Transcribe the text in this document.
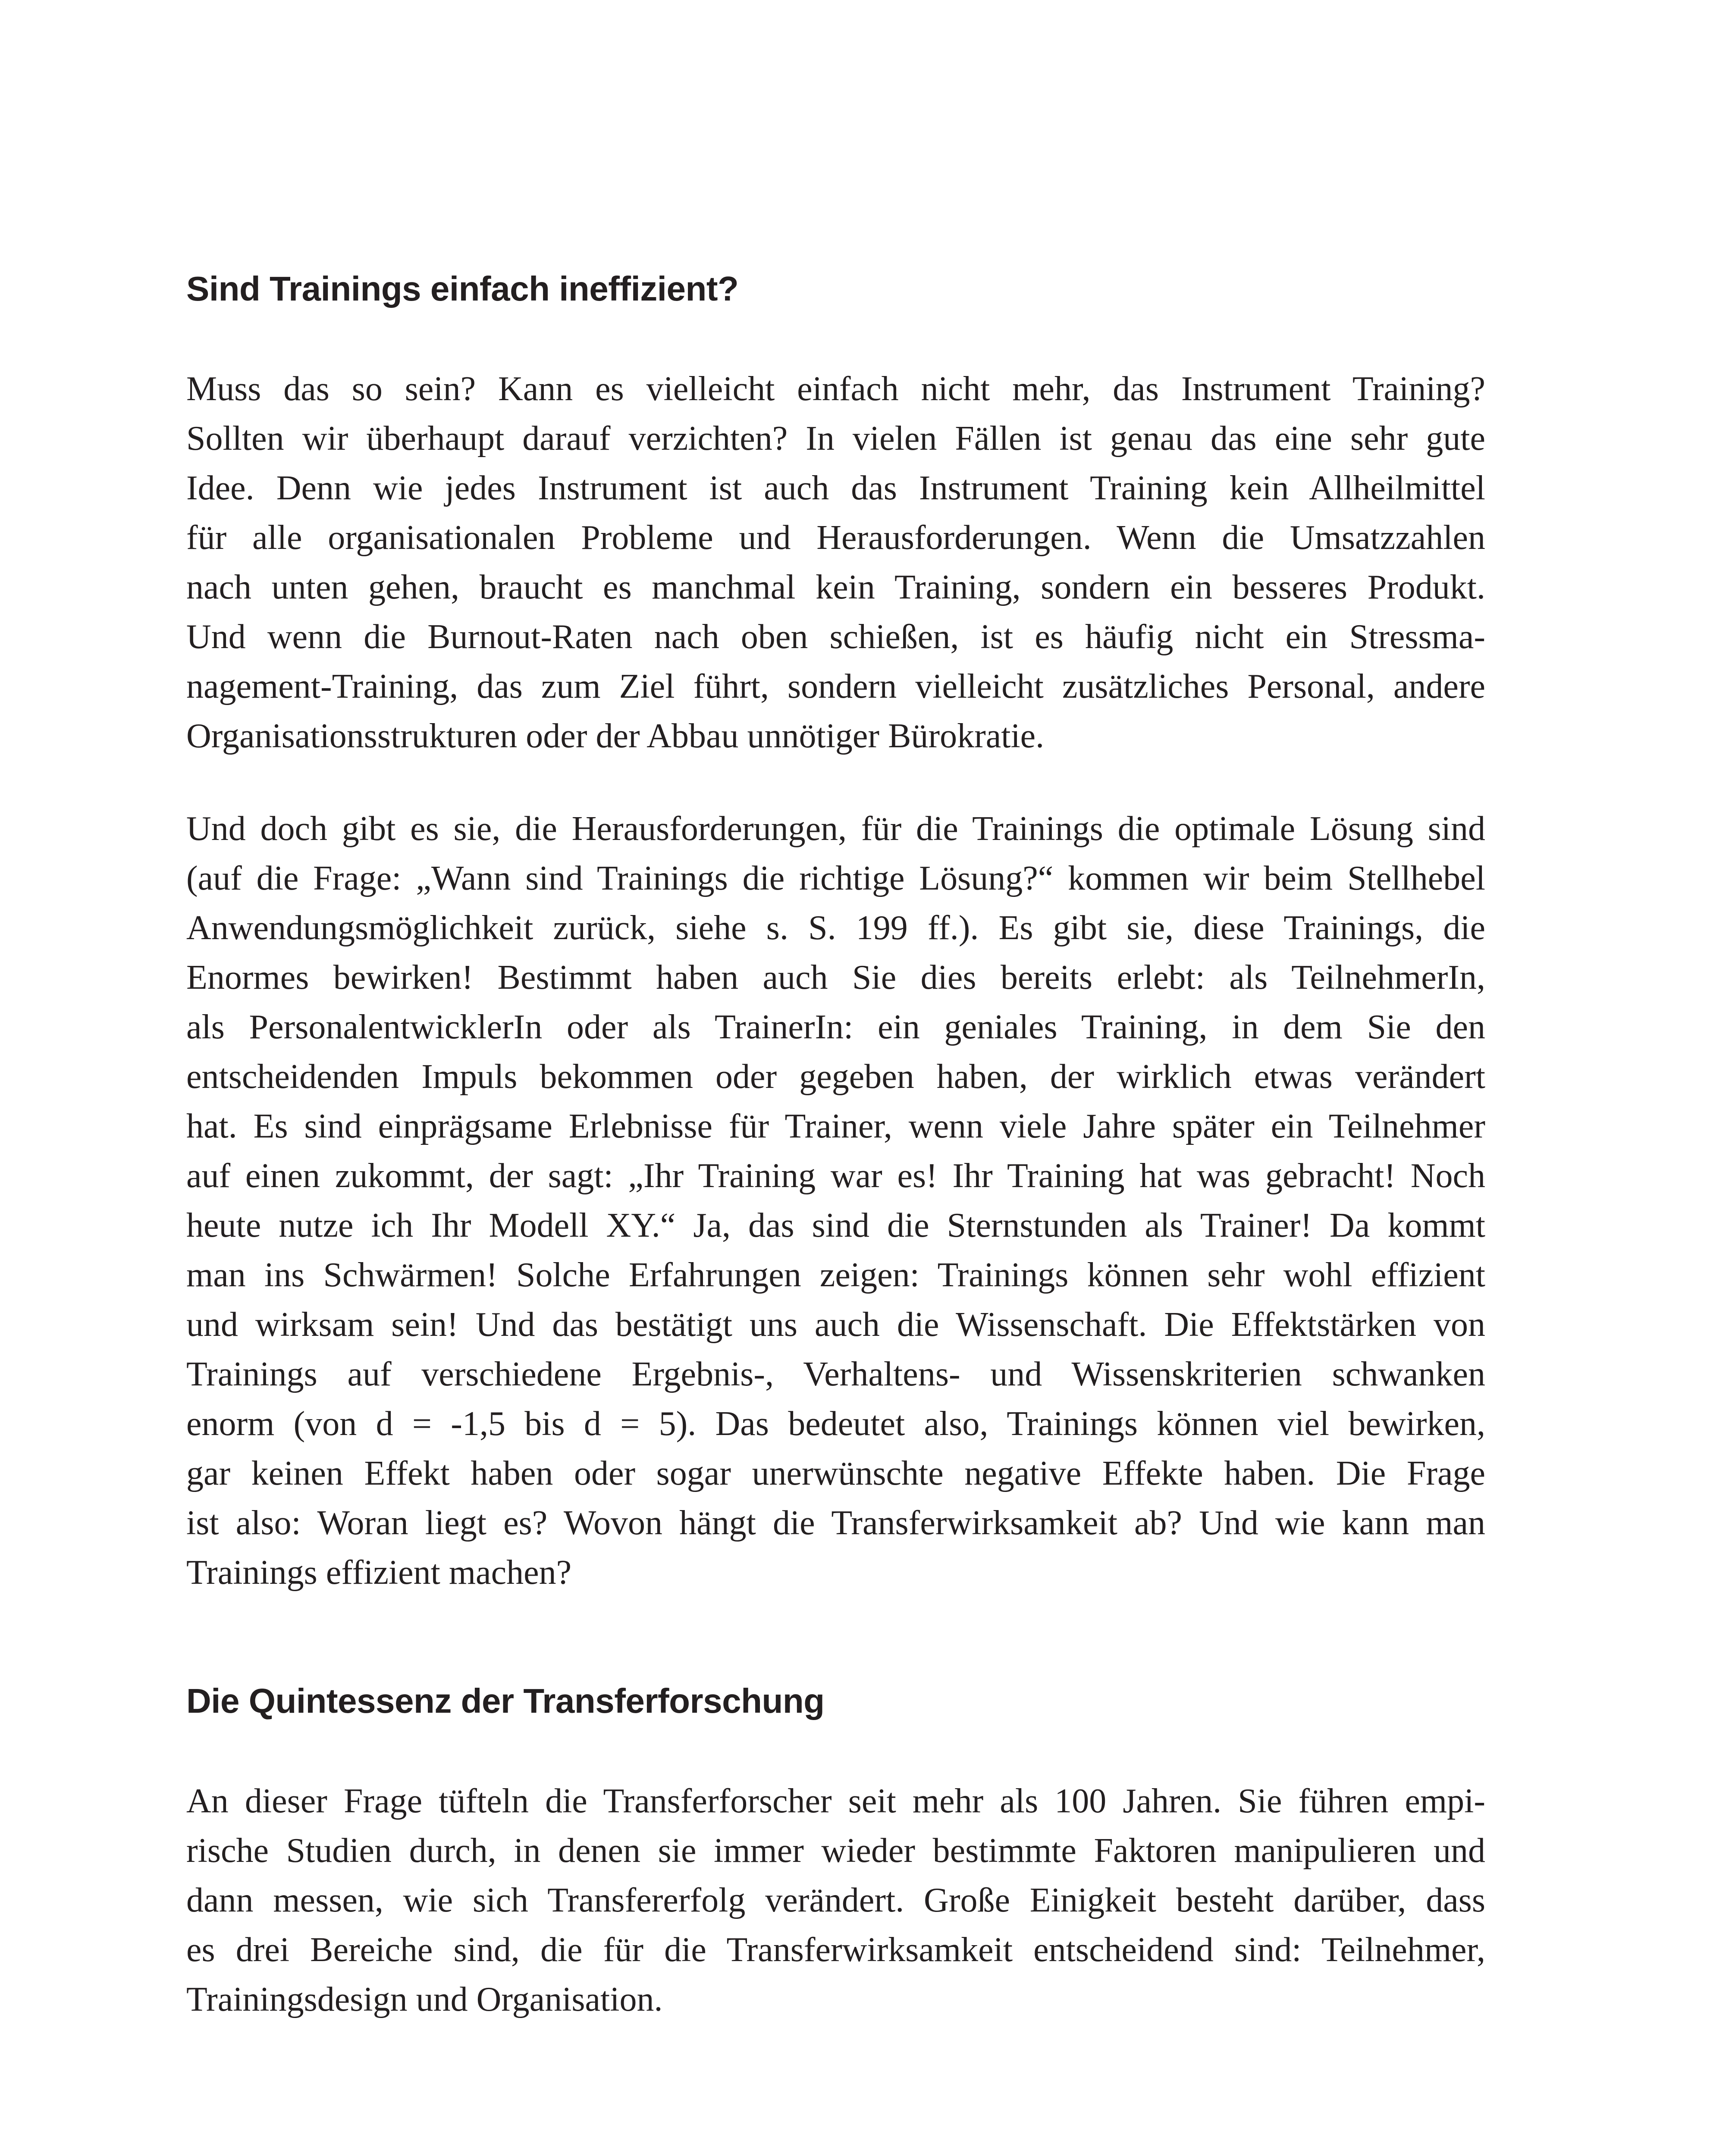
Sind Trainings einfach ineffizient?
Muss das so sein? Kann es vielleicht einfach nicht mehr, das Instrument Training?
Sollten wir überhaupt darauf verzichten? In vielen Fällen ist genau das eine sehr gute
Idee. Denn wie jedes Instrument ist auch das Instrument Training kein Allheilmittel
für alle organisationalen Probleme und Herausforderungen. Wenn die Umsatzzahlen
nach unten gehen, braucht es manchmal kein Training, sondern ein besseres Produkt.
Und wenn die Burnout-Raten nach oben schießen, ist es häufig nicht ein Stressma-
nagement-Training, das zum Ziel führt, sondern vielleicht zusätzliches Personal, andere
Organisationsstrukturen oder der Abbau unnötiger Bürokratie.
Und doch gibt es sie, die Herausforderungen, für die Trainings die optimale Lösung sind
(auf die Frage: „Wann sind Trainings die richtige Lösung?“ kommen wir beim Stellhebel
Anwendungsmöglichkeit zurück, siehe s. S. 199 ff.). Es gibt sie, diese Trainings, die
Enormes bewirken! Bestimmt haben auch Sie dies bereits erlebt: als TeilnehmerIn,
als PersonalentwicklerIn oder als TrainerIn: ein geniales Training, in dem Sie den
entscheidenden Impuls bekommen oder gegeben haben, der wirklich etwas verändert
hat. Es sind einprägsame Erlebnisse für Trainer, wenn viele Jahre später ein Teilnehmer
auf einen zukommt, der sagt: „Ihr Training war es! Ihr Training hat was gebracht! Noch
heute nutze ich Ihr Modell XY.“ Ja, das sind die Sternstunden als Trainer! Da kommt
man ins Schwärmen! Solche Erfahrungen zeigen: Trainings können sehr wohl effizient
und wirksam sein! Und das bestätigt uns auch die Wissenschaft. Die Effektstärken von
Trainings auf verschiedene Ergebnis-, Verhaltens- und Wissenskriterien schwanken
enorm (von d = -1,5 bis d = 5). Das bedeutet also, Trainings können viel bewirken,
gar keinen Effekt haben oder sogar unerwünschte negative Effekte haben. Die Frage
ist also: Woran liegt es? Wovon hängt die Transferwirksamkeit ab? Und wie kann man
Trainings effizient machen?
Die Quintessenz der Transferforschung
An dieser Frage tüfteln die Transferforscher seit mehr als 100 Jahren. Sie führen empi-
rische Studien durch, in denen sie immer wieder bestimmte Faktoren manipulieren und
dann messen, wie sich Transfererfolg verändert. Große Einigkeit besteht darüber, dass
es drei Bereiche sind, die für die Transferwirksamkeit entscheidend sind: Teilnehmer,
Trainingsdesign und Organisation.
